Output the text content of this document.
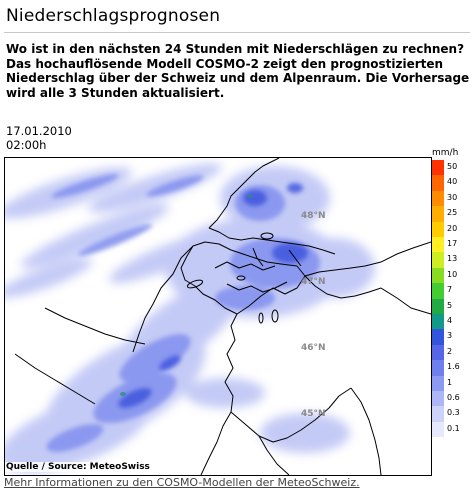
Niederschlagsprognosen

Wo ist in den nächsten 24 Stunden mit Niederschlägen zu rechnen? Das hochauflösende Modell COSMO-2 zeigt den prognostizierten Niederschlag über der Schweiz und dem Alpenraum. Die Vorhersage wird alle 3 Stunden aktualisiert.

17.01.2010
02:00h
48°N
47°N
46°N
45°N
Quelle / Source: MeteoSwiss
mm/h
50
40
30
25
20
17
13
10
7
5
4
3
2
1.6
1
0.6
0.3
0.1
Mehr Informationen zu den COSMO-Modellen der MeteoSchweiz.
